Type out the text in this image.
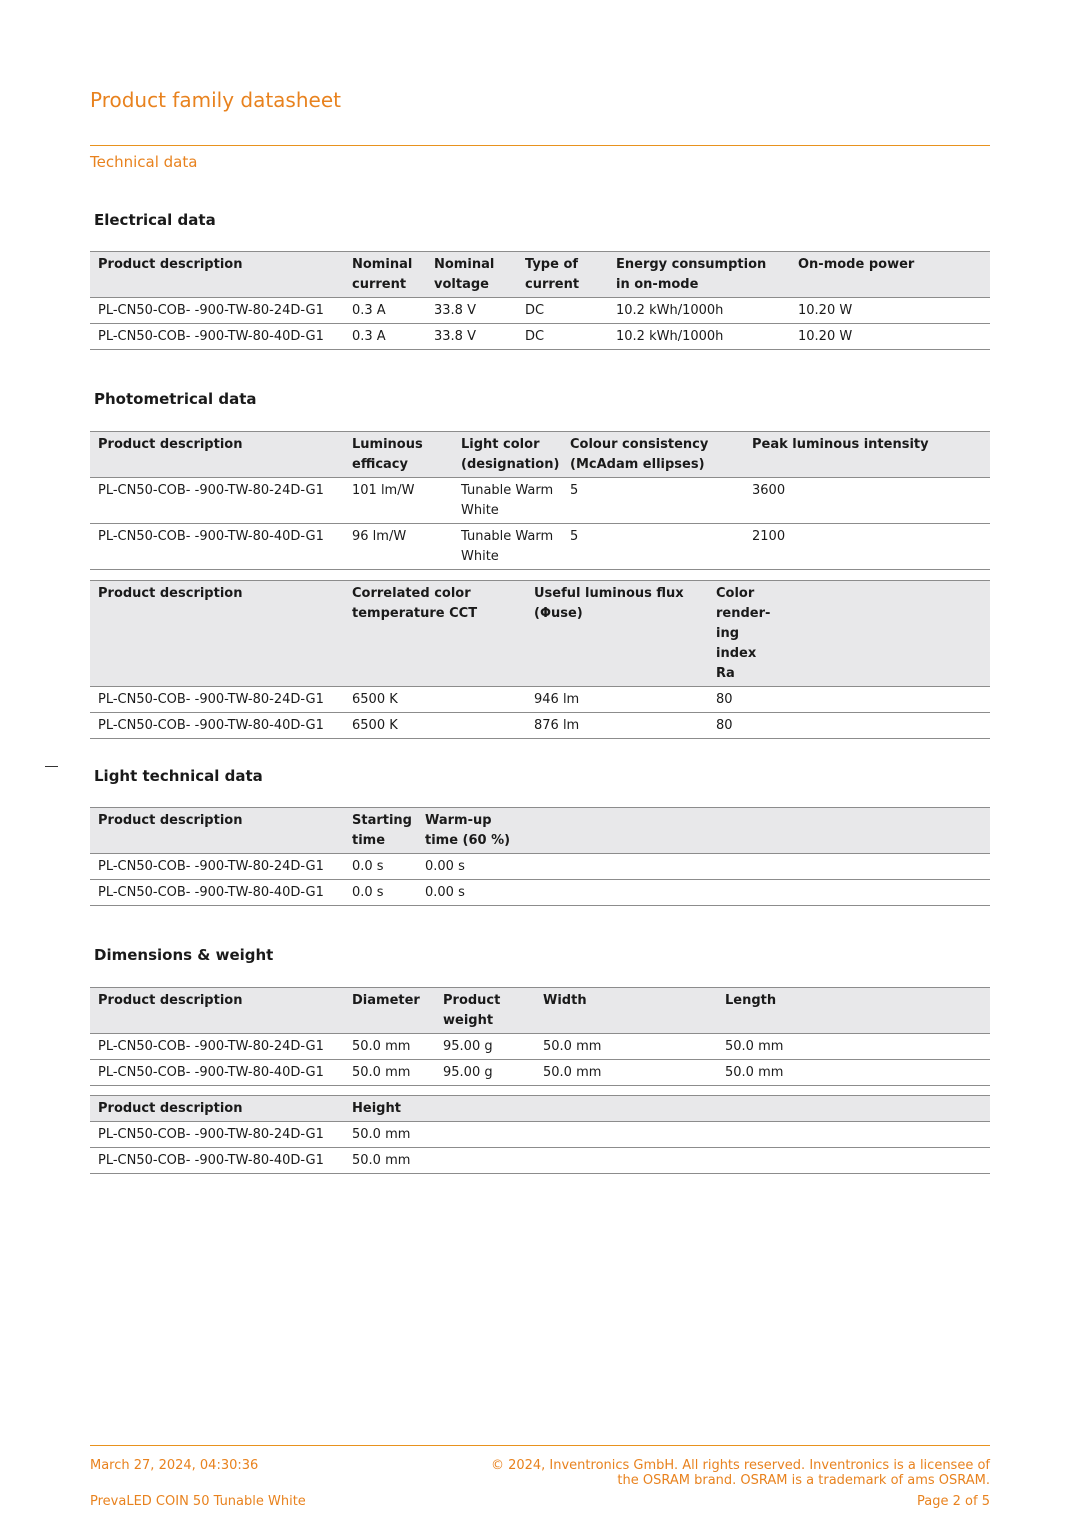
Product family datasheet
Technical data
Electrical data
Product description	Nominal current	Nominal voltage	Type of current	Energy consumption in on-mode	On-mode power
PL-CN50-COB- -900-TW-80-24D-G1	0.3 A	33.8 V	DC	10.2 kWh/1000h	10.20 W
PL-CN50-COB- -900-TW-80-40D-G1	0.3 A	33.8 V	DC	10.2 kWh/1000h	10.20 W
Photometrical data
Product description	Luminous efficacy	Light color (designation)	Colour consistency (McAdam ellipses)	Peak luminous intensity
PL-CN50-COB- -900-TW-80-24D-G1	101 lm/W	Tunable Warm White	5	3600
PL-CN50-COB- -900-TW-80-40D-G1	96 lm/W	Tunable Warm White	5	2100
Product description	Correlated color temperature CCT	Useful luminous flux (Φuse)	Color render-ing index Ra	
PL-CN50-COB- -900-TW-80-24D-G1	6500 K	946 lm	80	
PL-CN50-COB- -900-TW-80-40D-G1	6500 K	876 lm	80	
Light technical data
Product description	Starting time	Warm-up time (60 %)
PL-CN50-COB- -900-TW-80-24D-G1	0.0 s	0.00 s
PL-CN50-COB- -900-TW-80-40D-G1	0.0 s	0.00 s
Dimensions & weight
Product description	Diameter	Product weight	Width	Length
PL-CN50-COB- -900-TW-80-24D-G1	50.0 mm	95.00 g	50.0 mm	50.0 mm
PL-CN50-COB- -900-TW-80-40D-G1	50.0 mm	95.00 g	50.0 mm	50.0 mm
Product description	Height
PL-CN50-COB- -900-TW-80-24D-G1	50.0 mm
PL-CN50-COB- -900-TW-80-40D-G1	50.0 mm
March 27, 2024, 04:30:36
PrevaLED COIN 50 Tunable White
© 2024, Inventronics GmbH. All rights reserved. Inventronics is a licensee of the OSRAM brand. OSRAM is a trademark of ams OSRAM.
Page 2 of 5
